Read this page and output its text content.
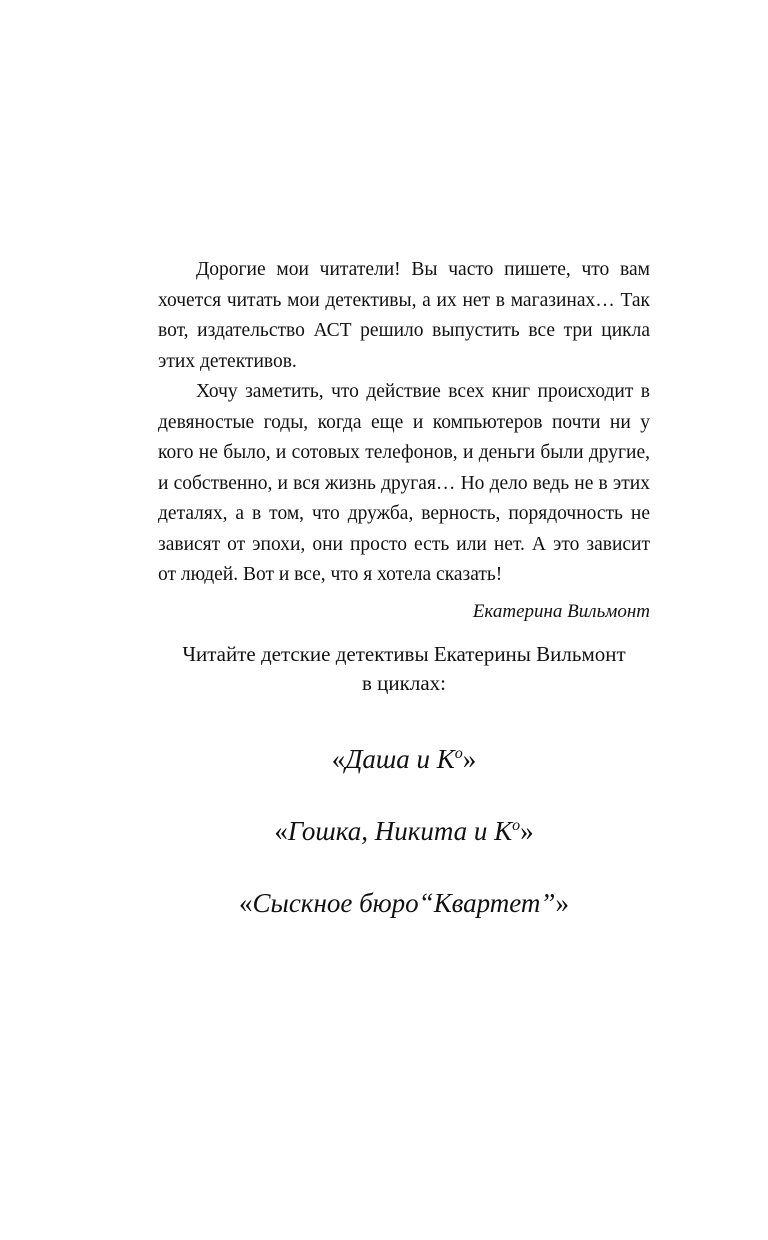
Дорогие мои читатели! Вы часто пишете, что вам хочется читать мои детективы, а их нет в магазинах… Так вот, издательство АСТ решило выпустить все три цикла этих детективов.

Хочу заметить, что действие всех книг происходит в девяностые годы, когда еще и компьютеров почти ни у кого не было, и сотовых телефонов, и деньги были другие, и собственно, и вся жизнь другая… Но дело ведь не в этих деталях, а в том, что дружба, верность, порядочность не зависят от эпохи, они просто есть или нет. А это зависит от людей. Вот и все, что я хотела сказать!

Екатерина Вильмонт

Читайте детские детективы Екатерины Вильмонт

в циклах:

«Даша и $К^о$»

«Гошка, Никита и $К^о$»

«Сыскное бюро“Квартет”»
